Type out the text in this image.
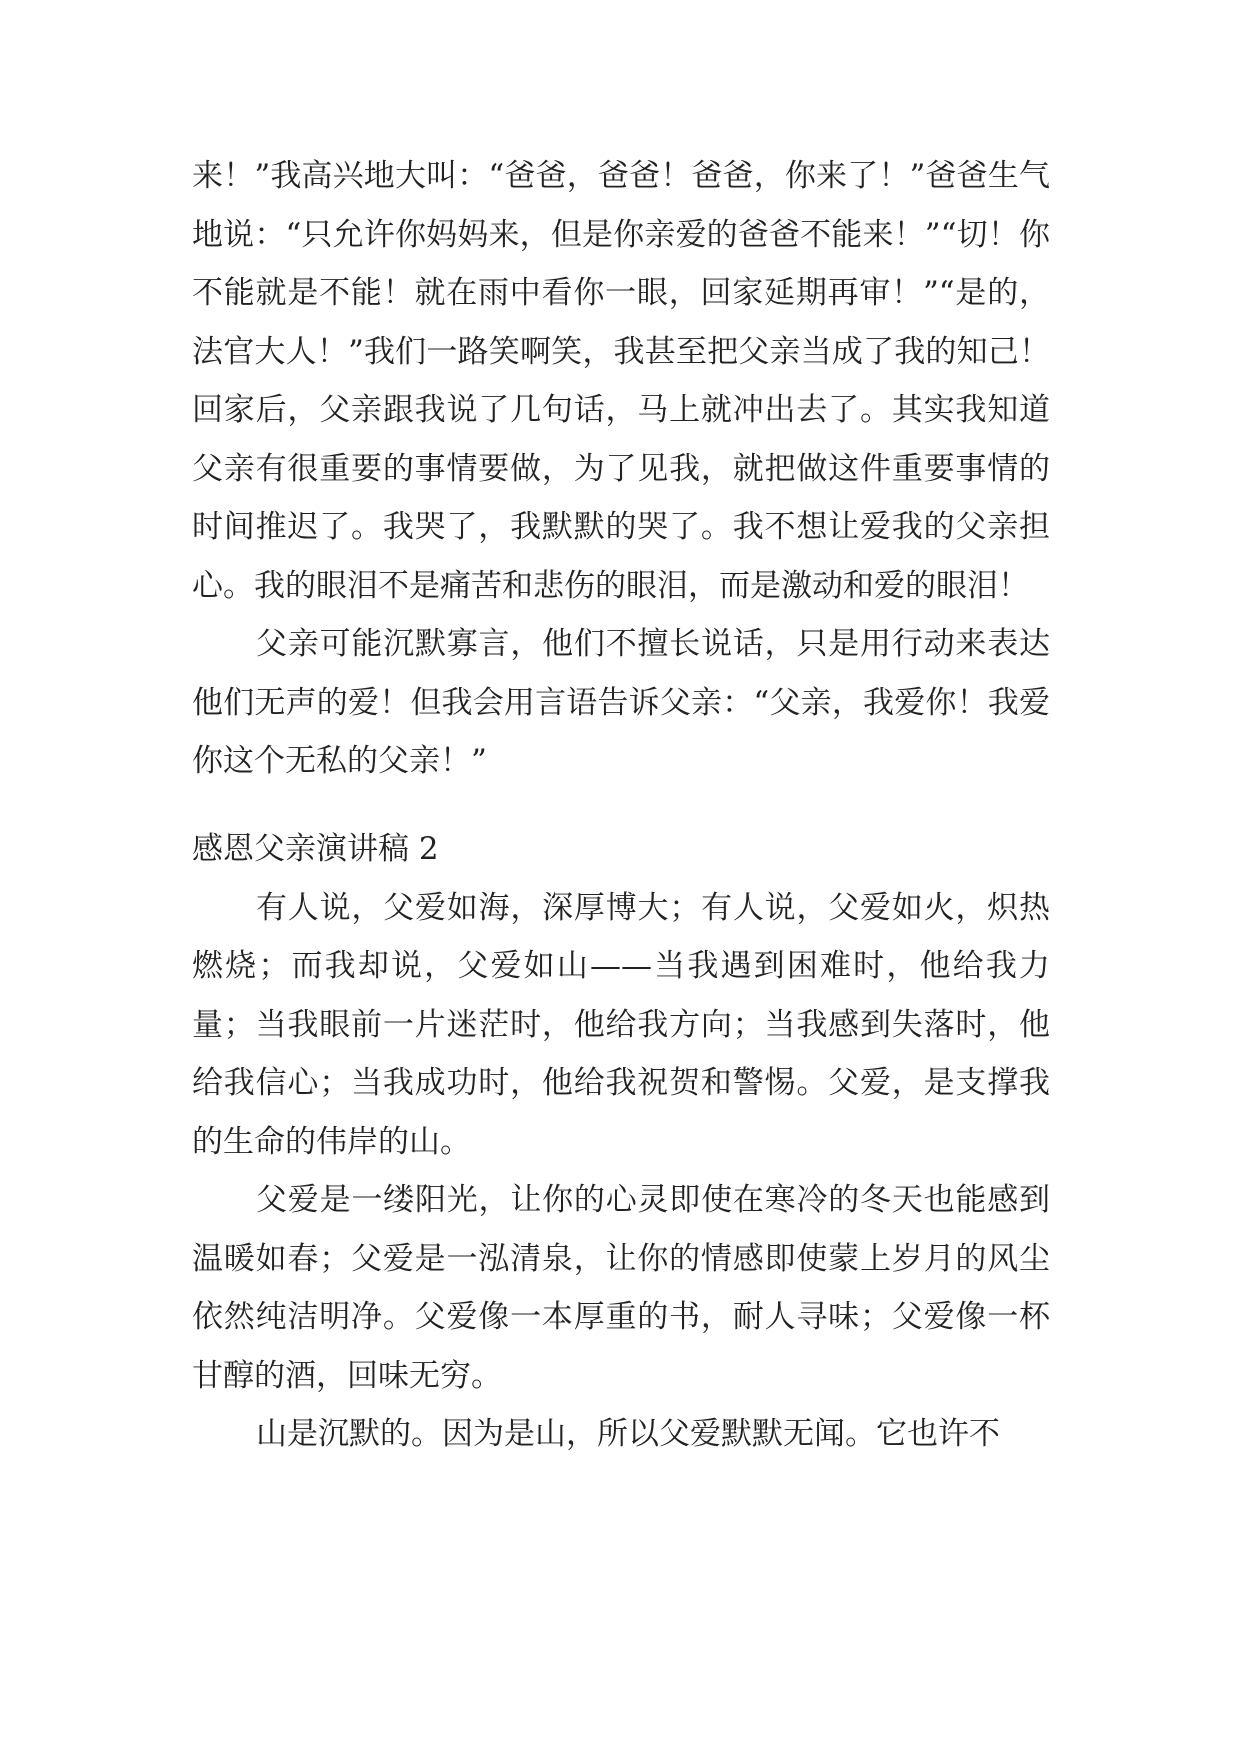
来！”我高兴地大叫：“爸爸，爸爸！爸爸，你来了！”爸爸生气地说：“只允许你妈妈来，但是你亲爱的爸爸不能来！”“切！你不能就是不能！就在雨中看你一眼，回家延期再审！”“是的，法官大人！”我们一路笑啊笑，我甚至把父亲当成了我的知己！回家后，父亲跟我说了几句话，马上就冲出去了。其实我知道父亲有很重要的事情要做，为了见我，就把做这件重要事情的时间推迟了。我哭了，我默默的哭了。我不想让爱我的父亲担心。我的眼泪不是痛苦和悲伤的眼泪，而是激动和爱的眼泪！

父亲可能沉默寡言，他们不擅长说话，只是用行动来表达他们无声的爱！但我会用言语告诉父亲：“父亲，我爱你！我爱你这个无私的父亲！”

感恩父亲演讲稿 2

有人说，父爱如海，深厚博大；有人说，父爱如火，炽热燃烧；而我却说，父爱如山——当我遇到困难时，他给我力量；当我眼前一片迷茫时，他给我方向；当我感到失落时，他给我信心；当我成功时，他给我祝贺和警惕。父爱，是支撑我的生命的伟岸的山。

父爱是一缕阳光，让你的心灵即使在寒冷的冬天也能感到温暖如春；父爱是一泓清泉，让你的情感即使蒙上岁月的风尘依然纯洁明净。父爱像一本厚重的书，耐人寻味；父爱像一杯甘醇的酒，回味无穷。

山是沉默的。因为是山，所以父爱默默无闻。它也许不
